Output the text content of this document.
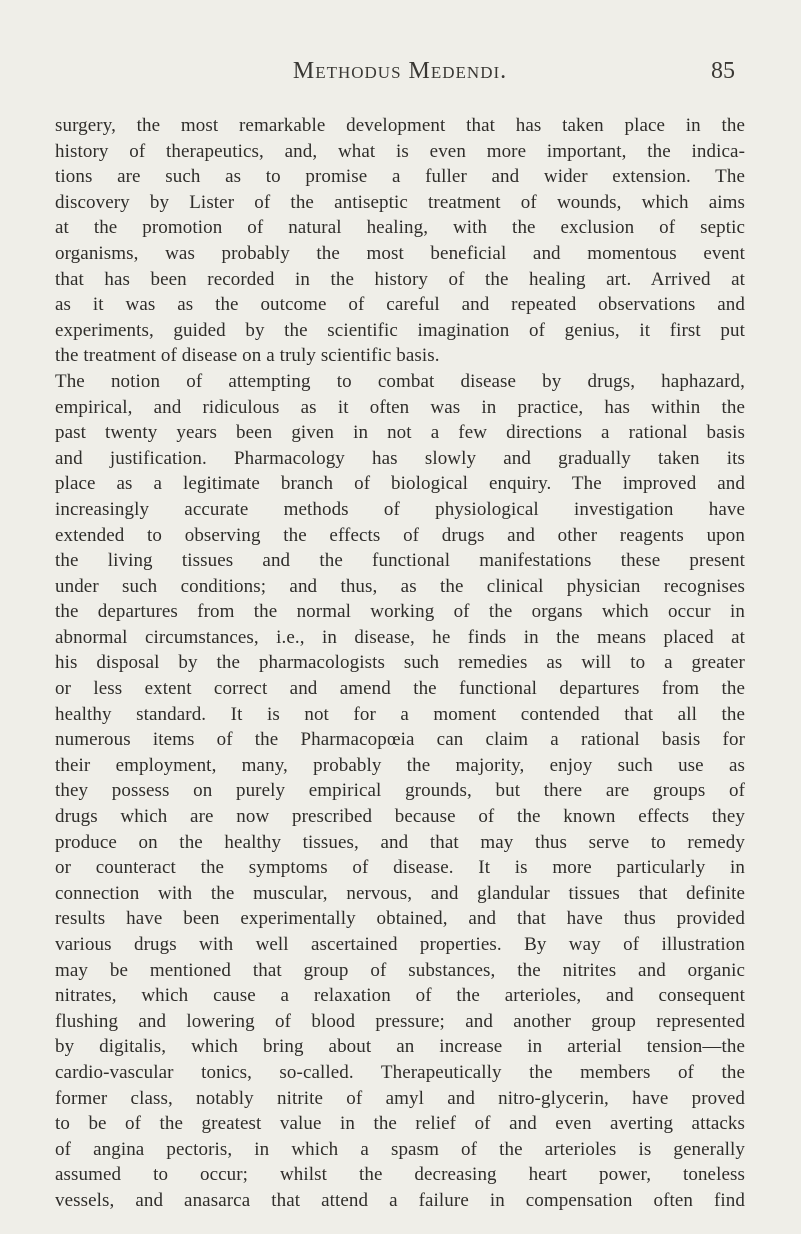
Methodus Medendi.	85
surgery, the most remarkable development that has taken place in the
history of therapeutics, and, what is even more important, the indica-
tions are such as to promise a fuller and wider extension. The
discovery by Lister of the antiseptic treatment of wounds, which aims
at the promotion of natural healing, with the exclusion of septic
organisms, was probably the most beneficial and momentous event
that has been recorded in the history of the healing art. Arrived at
as it was as the outcome of careful and repeated observations and
experiments, guided by the scientific imagination of genius, it first put
the treatment of disease on a truly scientific basis.
The notion of attempting to combat disease by drugs, haphazard,
empirical, and ridiculous as it often was in practice, has within the
past twenty years been given in not a few directions a rational basis
and justification. Pharmacology has slowly and gradually taken its
place as a legitimate branch of biological enquiry. The improved and
increasingly accurate methods of physiological investigation have
extended to observing the effects of drugs and other reagents upon
the living tissues and the functional manifestations these present
under such conditions; and thus, as the clinical physician recognises
the departures from the normal working of the organs which occur in
abnormal circumstances, i.e., in disease, he finds in the means placed at
his disposal by the pharmacologists such remedies as will to a greater
or less extent correct and amend the functional departures from the
healthy standard. It is not for a moment contended that all the
numerous items of the Pharmacopœia can claim a rational basis for
their employment, many, probably the majority, enjoy such use as
they possess on purely empirical grounds, but there are groups of
drugs which are now prescribed because of the known effects they
produce on the healthy tissues, and that may thus serve to remedy
or counteract the symptoms of disease. It is more particularly in
connection with the muscular, nervous, and glandular tissues that definite
results have been experimentally obtained, and that have thus provided
various drugs with well ascertained properties. By way of illustration
may be mentioned that group of substances, the nitrites and organic
nitrates, which cause a relaxation of the arterioles, and consequent
flushing and lowering of blood pressure; and another group represented
by digitalis, which bring about an increase in arterial tension—the
cardio-vascular tonics, so-called. Therapeutically the members of the
former class, notably nitrite of amyl and nitro-glycerin, have proved
to be of the greatest value in the relief of and even averting attacks
of angina pectoris, in which a spasm of the arterioles is generally
assumed to occur; whilst the decreasing heart power, toneless
vessels, and anasarca that attend a failure in compensation often find
